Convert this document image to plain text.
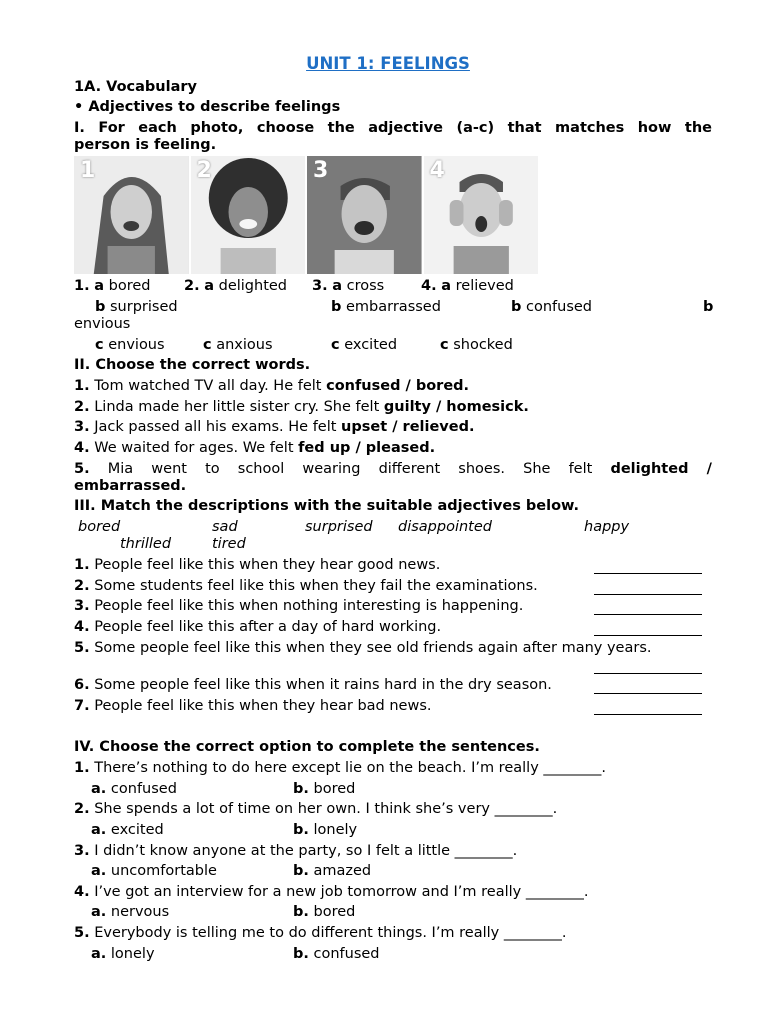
UNIT 1: FEELINGS
1A. Vocabulary
• Adjectives to describe feelings
I. For each photo, choose the adjective (a-c) that matches how the
person is feeling.
1	2	3	4
1. a bored 2. a delighted 3. a cross	4. a relieved
b surprised	b embarrassed	b confused	b
envious
c envious	c anxious	c excited	c shocked
II. Choose the correct words.
1. Tom watched TV all day. He felt confused / bored.
2. Linda made her little sister cry. She felt guilty / homesick.
3. Jack passed all his exams. He felt upset / relieved.
4. We waited for ages. We felt fed up / pleased.
5. Mia went to school wearing different shoes. She felt delighted /
embarrassed.
III. Match the descriptions with the suitable adjectives below.
bored	sad	surprised disappointed	happy
thrilled	tired
1. People feel like this when they hear good news.
2. Some students feel like this when they fail the examinations.
3. People feel like this when nothing interesting is happening.
4. People feel like this after a day of hard working.
5. Some people feel like this when they see old friends again after many years.
6. Some people feel like this when it rains hard in the dry season.
7. People feel like this when they hear bad news.
IV. Choose the correct option to complete the sentences.
1. There’s nothing to do here except lie on the beach. I’m really ________.
a. confused	b. bored
2. She spends a lot of time on her own. I think she’s very ________.
a. excited	b. lonely
3. I didn’t know anyone at the party, so I felt a little ________.
a. uncomfortable	b. amazed
4. I’ve got an interview for a new job tomorrow and I’m really ________.
a. nervous	b. bored
5. Everybody is telling me to do different things. I’m really ________.
a. lonely	b. confused
